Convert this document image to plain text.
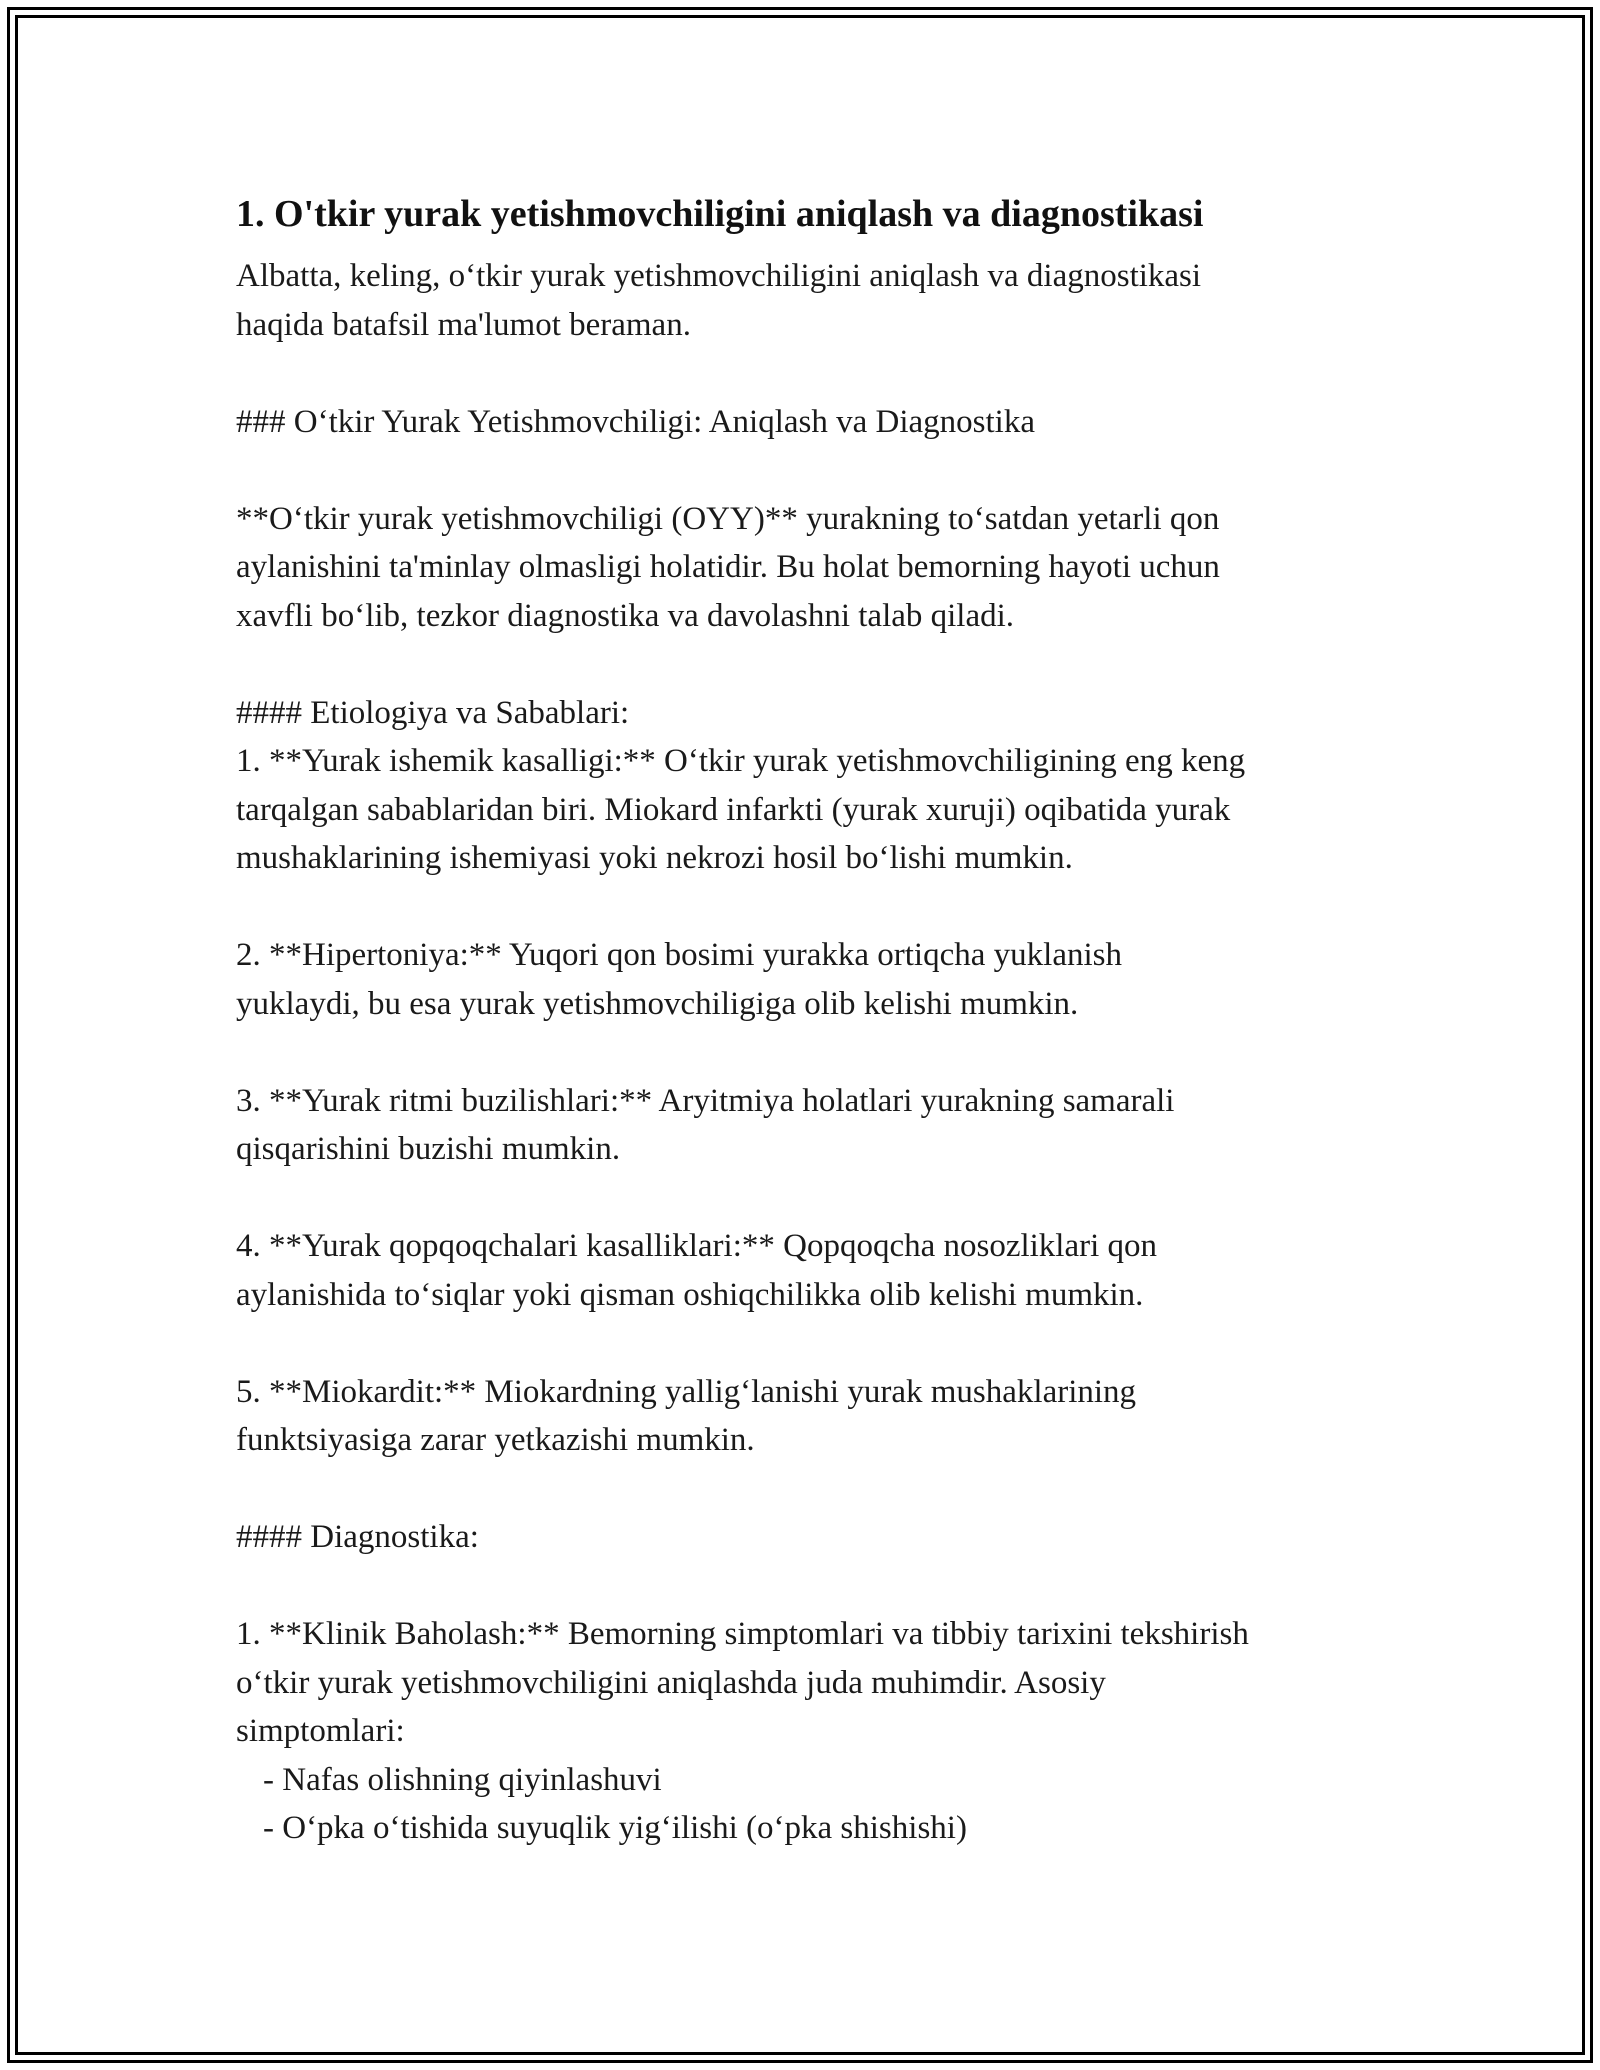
1. O'tkir yurak yetishmovchiligini aniqlash va diagnostikasi

Albatta, keling, o‘tkir yurak yetishmovchiligini aniqlash va diagnostikasi

haqida batafsil ma'lumot beraman.

### O‘tkir Yurak Yetishmovchiligi: Aniqlash va Diagnostika

**O‘tkir yurak yetishmovchiligi (OYY)** yurakning to‘satdan yetarli qon

aylanishini ta'minlay olmasligi holatidir. Bu holat bemorning hayoti uchun

xavfli bo‘lib, tezkor diagnostika va davolashni talab qiladi.

#### Etiologiya va Sabablari:

1. **Yurak ishemik kasalligi:** O‘tkir yurak yetishmovchiligining eng keng

tarqalgan sabablaridan biri. Miokard infarkti (yurak xuruji) oqibatida yurak

mushaklarining ishemiyasi yoki nekrozi hosil bo‘lishi mumkin.

2. **Hipertoniya:** Yuqori qon bosimi yurakka ortiqcha yuklanish

yuklaydi, bu esa yurak yetishmovchiligiga olib kelishi mumkin.

3. **Yurak ritmi buzilishlari:** Aryitmiya holatlari yurakning samarali

qisqarishini buzishi mumkin.

4. **Yurak qopqoqchalari kasalliklari:** Qopqoqcha nosozliklari qon

aylanishida to‘siqlar yoki qisman oshiqchilikka olib kelishi mumkin.

5. **Miokardit:** Miokardning yallig‘lanishi yurak mushaklarining

funktsiyasiga zarar yetkazishi mumkin.

#### Diagnostika:

1. **Klinik Baholash:** Bemorning simptomlari va tibbiy tarixini tekshirish

o‘tkir yurak yetishmovchiligini aniqlashda juda muhimdir. Asosiy

simptomlari:

- Nafas olishning qiyinlashuvi

- O‘pka o‘tishida suyuqlik yig‘ilishi (o‘pka shishishi)
